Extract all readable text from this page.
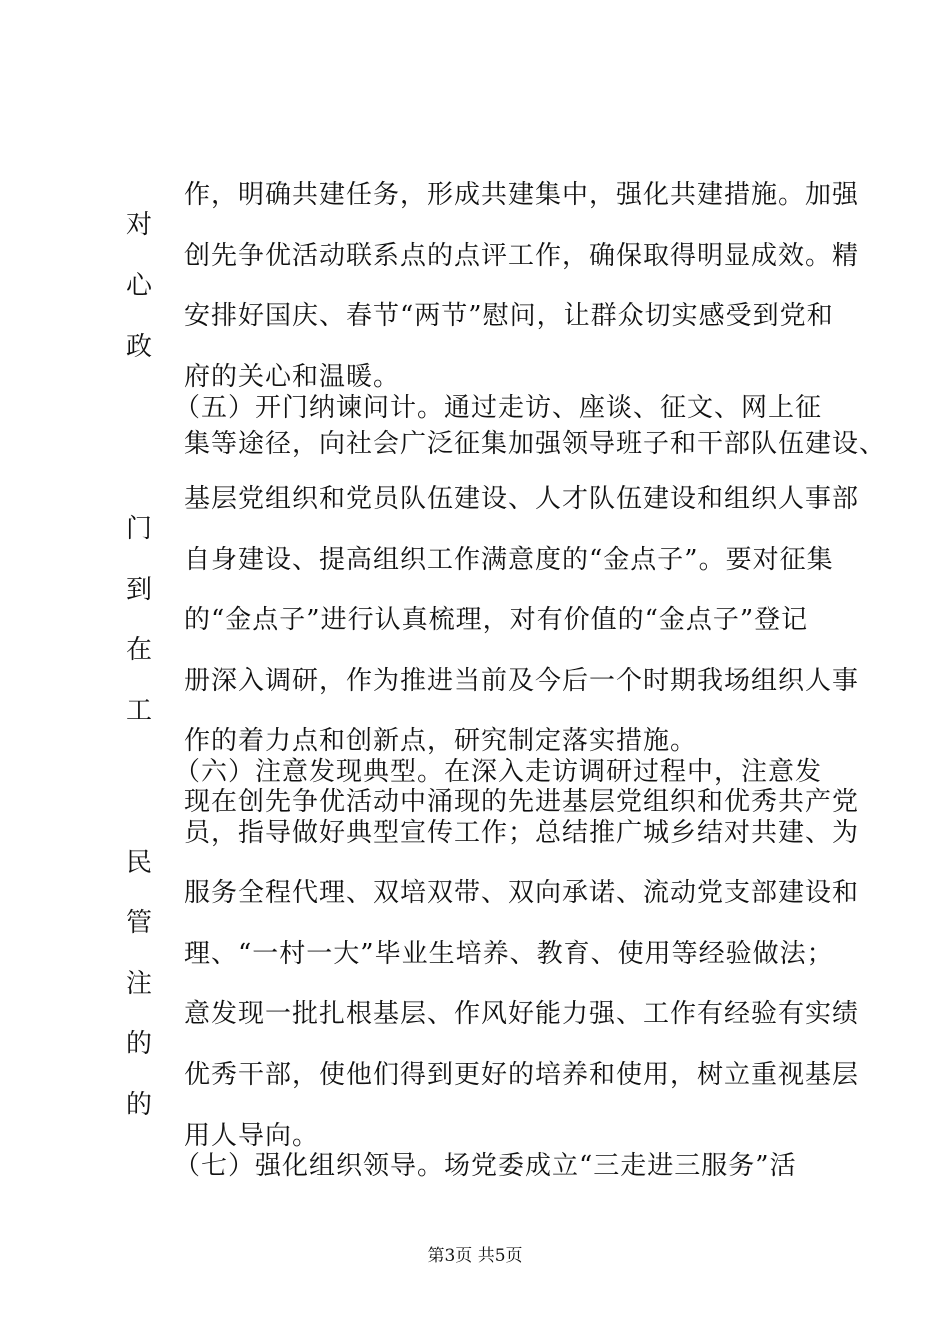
作，明确共建任务，形成共建集中，强化共建措施。加强
创先争优活动联系点的点评工作，确保取得明显成效。精
安排好国庆、春节“两节”慰问，让群众切实感受到党和
府的关心和温暖。
（五）开门纳谏问计。通过走访、座谈、征文、网上征
集等途径，向社会广泛征集加强领导班子和干部队伍建设、
基层党组织和党员队伍建设、人才队伍建设和组织人事部
自身建设、提高组织工作满意度的“金点子”。要对征集
的“金点子”进行认真梳理，对有价值的“金点子”登记
册深入调研，作为推进当前及今后一个时期我场组织人事
作的着力点和创新点，研究制定落实措施。
（六）注意发现典型。在深入走访调研过程中，注意发
现在创先争优活动中涌现的先进基层党组织和优秀共产党
员，指导做好典型宣传工作；总结推广城乡结对共建、为
服务全程代理、双培双带、双向承诺、流动党支部建设和
理、“一村一大”毕业生培养、教育、使用等经验做法；
意发现一批扎根基层、作风好能力强、工作有经验有实绩
优秀干部，使他们得到更好的培养和使用，树立重视基层
用人导向。
（七）强化组织领导。场党委成立“三走进三服务”活
对
心
政
门
到
在
工
民
管
注
的
的
第3页 共5页
